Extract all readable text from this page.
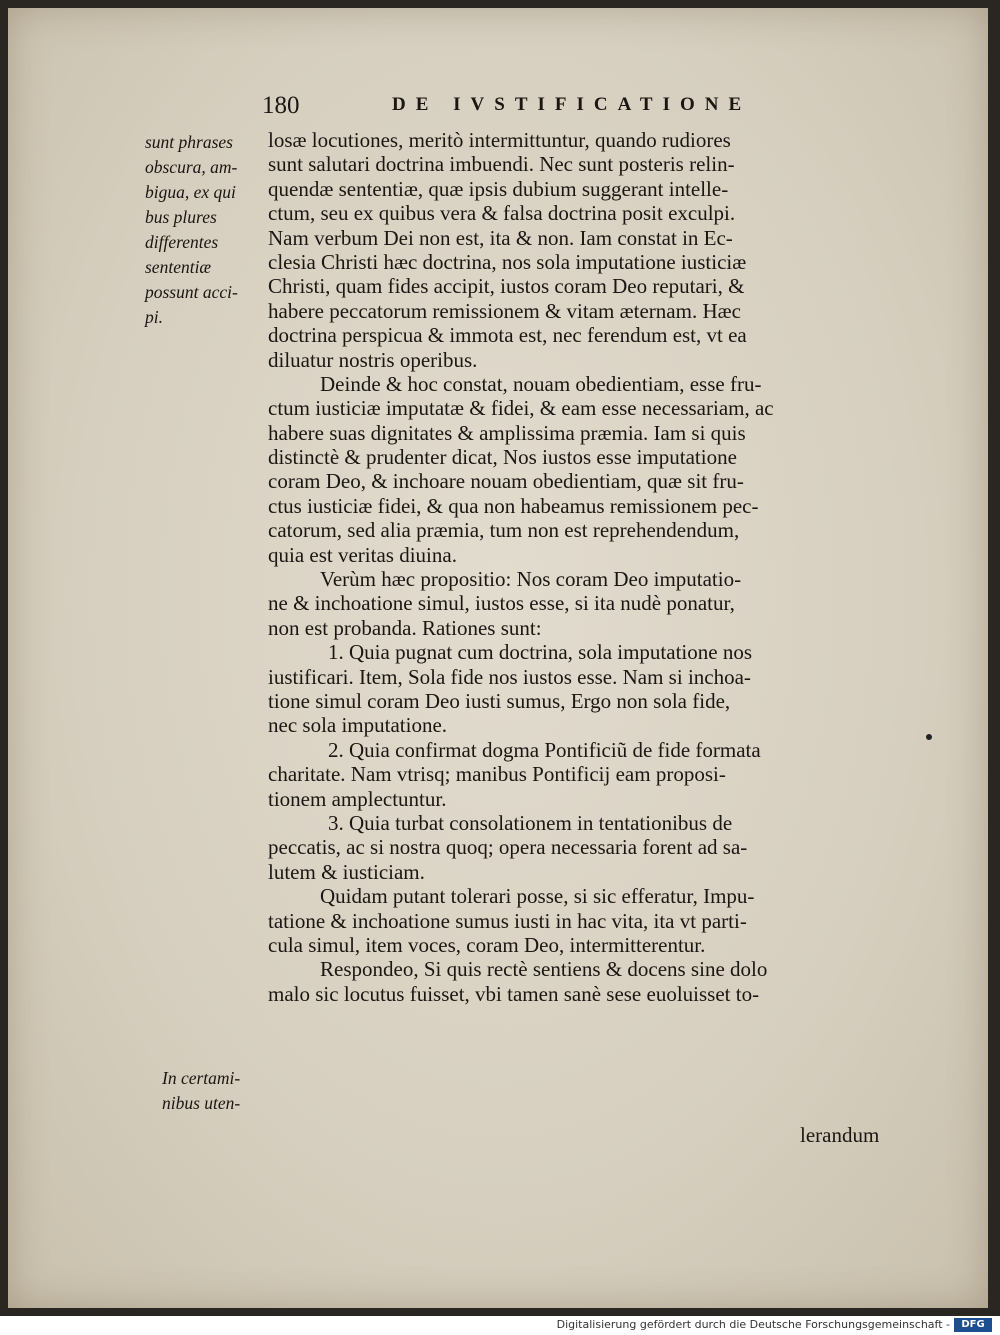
180	DE IVSTIFICATIONE
sunt phrases
obscura, am-
bigua, ex qui
bus plures
differentes
sententiæ
possunt acci-
pi.
In certami-
nibus uten-
losæ locutiones, meritò intermittuntur, quando rudiores
sunt salutari doctrina imbuendi. Nec sunt posteris relin-
quendæ sententiæ, quæ ipsis dubium suggerant intelle-
ctum, seu ex quibus vera & falsa doctrina posit exculpi.
Nam verbum Dei non est, ita & non. Iam constat in Ec-
clesia Christi hæc doctrina, nos sola imputatione iusticiæ
Christi, quam fides accipit, iustos coram Deo reputari, &
habere peccatorum remissionem & vitam æternam. Hæc
doctrina perspicua & immota est, nec ferendum est, vt ea
diluatur nostris operibus.
Deinde & hoc constat, nouam obedientiam, esse fru-
ctum iusticiæ imputatæ & fidei, & eam esse necessariam, ac
habere suas dignitates & amplissima præmia. Iam si quis
distinctè & prudenter dicat, Nos iustos esse imputatione
coram Deo, & inchoare nouam obedientiam, quæ sit fru-
ctus iusticiæ fidei, & qua non habeamus remissionem pec-
catorum, sed alia præmia, tum non est reprehendendum,
quia est veritas diuina.
Verùm hæc propositio: Nos coram Deo imputatio-
ne & inchoatione simul, iustos esse, si ita nudè ponatur,
non est probanda. Rationes sunt:
1. Quia pugnat cum doctrina, sola imputatione nos
iustificari. Item, Sola fide nos iustos esse. Nam si inchoa-
tione simul coram Deo iusti sumus, Ergo non sola fide,
nec sola imputatione.
2. Quia confirmat dogma Pontificiũ de fide formata
charitate. Nam vtrisq; manibus Pontificij eam proposi-
tionem amplectuntur.
3. Quia turbat consolationem in tentationibus de
peccatis, ac si nostra quoq; opera necessaria forent ad sa-
lutem & iusticiam.
Quidam putant tolerari posse, si sic efferatur, Impu-
tatione & inchoatione sumus iusti in hac vita, ita vt parti-
cula simul, item voces, coram Deo, intermitterentur.
Respondeo, Si quis rectè sentiens & docens sine dolo
malo sic locutus fuisset, vbi tamen sanè sese euoluisset to-
lerandum
Digitalisierung gefördert durch die Deutsche Forschungsgemeinschaft -	DFG
